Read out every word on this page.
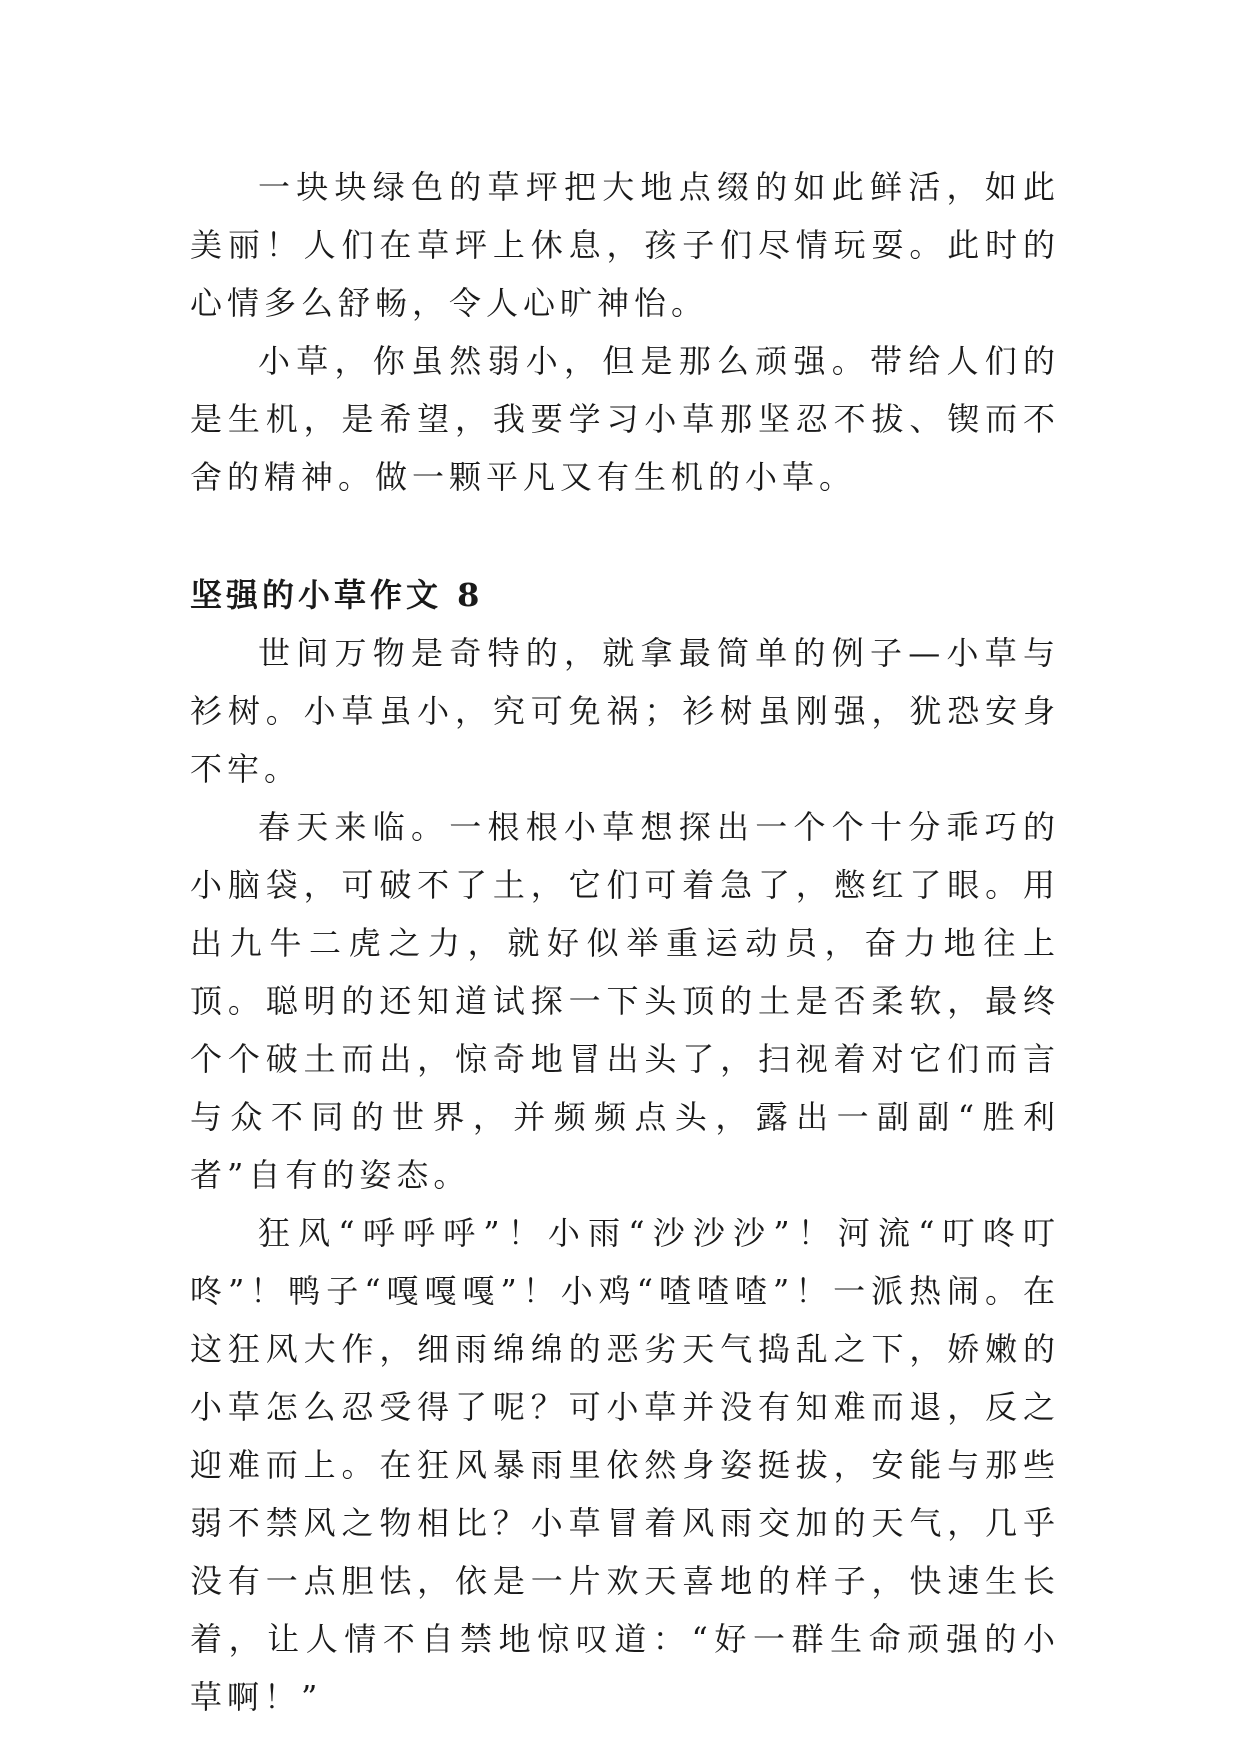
一块块绿色的草坪把大地点缀的如此鲜活，如此美丽！人们在草坪上休息，孩子们尽情玩耍。此时的心情多么舒畅，令人心旷神怡。

小草，你虽然弱小，但是那么顽强。带给人们的是生机，是希望，我要学习小草那坚忍不拔、锲而不舍的精神。做一颗平凡又有生机的小草。

坚强的小草作文 8

世间万物是奇特的，就拿最简单的例子—小草与衫树。小草虽小，究可免祸；衫树虽刚强，犹恐安身不牢。

春天来临。一根根小草想探出一个个十分乖巧的小脑袋，可破不了土，它们可着急了，憋红了眼。用出九牛二虎之力，就好似举重运动员，奋力地往上顶。聪明的还知道试探一下头顶的土是否柔软，最终个个破土而出，惊奇地冒出头了，扫视着对它们而言与众不同的世界，并频频点头，露出一副副“胜利者”自有的姿态。

狂风“呼呼呼”！小雨“沙沙沙”！河流“叮咚叮咚”！鸭子“嘎嘎嘎”！小鸡“喳喳喳”！一派热闹。在这狂风大作，细雨绵绵的恶劣天气捣乱之下，娇嫩的小草怎么忍受得了呢？可小草并没有知难而退，反之迎难而上。在狂风暴雨里依然身姿挺拔，安能与那些弱不禁风之物相比？小草冒着风雨交加的天气，几乎没有一点胆怯，依是一片欢天喜地的样子，快速生长着，让人情不自禁地惊叹道：“好一群生命顽强的小草啊！”
